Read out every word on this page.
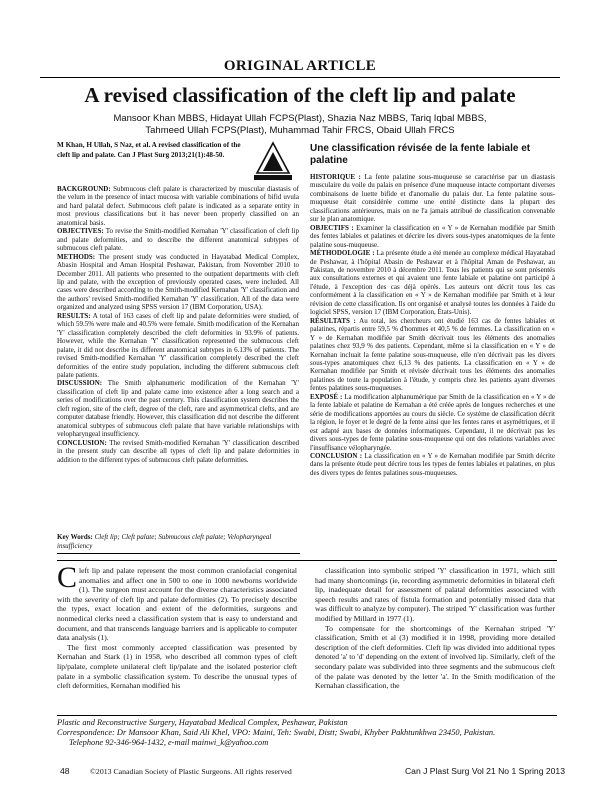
ORIGINAL ARTICLE
A revised classification of the cleft lip and palate
Mansoor Khan MBBS, Hidayat Ullah FCPS(Plast), Shazia Naz MBBS, Tariq Iqbal MBBS,
Tahmeed Ullah FCPS(Plast), Muhammad Tahir FRCS, Obaid Ullah FRCS
M Khan, H Ullah, S Naz, et al. A revised classification of the cleft lip and palate. Can J Plast Surg 2013;21(1):48-50.

BACKGROUND: Submucous cleft palate is characterized by muscular diastasis of the velum in the presence of intact mucosa with variable combinations of bifid uvula and hard palatal defect. Submucous cleft palate is indicated as a separate entity in most previous classifications but it has never been properly classified on an anatomical basis.

OBJECTIVES: To revise the Smith-modified Kernahan 'Y' classification of cleft lip and palate deformities, and to describe the different anatomical subtypes of submucous cleft palate.

METHODS: The present study was conducted in Hayatabad Medical Complex, Abasin Hospital and Aman Hospital Peshawar, Pakistan, from November 2010 to December 2011. All patients who presented to the outpatient departments with cleft lip and palate, with the exception of previously operated cases, were included. All cases were described according to the Smith-modified Kernahan 'Y' classification and the authors' revised Smith-modified Kernahan 'Y' classification. All of the data were organized and analyzed using SPSS version 17 (IBM Corporation, USA).

RESULTS: A total of 163 cases of cleft lip and palate deformities were studied, of which 59.5% were male and 40.5% were female. Smith modification of the Kernahan 'Y' classification completely described the cleft deformities in 93.9% of patients. However, while the Kernahan 'Y' classification represented the submucous cleft palate, it did not describe its different anatomical subtypes in 6.13% of patients. The revised Smith-modified Kernahan 'Y' classification completely described the cleft deformities of the entire study population, including the different submucous cleft palate patients.

DISCUSSION: The Smith alphanumeric modification of the Kernahan 'Y' classification of cleft lip and palate came into existence after a long search and a series of modifications over the past century. This classification system describes the cleft region, site of the cleft, degree of the cleft, rare and asymmetrical clefts, and are computer database friendly. However, this classification did not describe the different anatomical subtypes of submucous cleft palate that have variable relationships with velopharyngeal insufficiency.

CONCLUSION: The revised Smith-modified Kernahan 'Y' classification described in the present study can describe all types of cleft lip and palate deformities in addition to the different types of submucous cleft palate deformities.

Key Words: Cleft lip; Cleft palate; Submucous cleft palate; Velopharyngeal insufficiency
Une classification révisée de la fente labiale et palatine

HISTORIQUE : La fente palatine sous-muqueuse se caractérise par un diastasis musculaire du voile du palais en présence d'une muqueuse intacte comportant diverses combinaisons de luette bifide et d'anomalie du palais dur. La fente palatine sous-muqueuse était considérée comme une entité distincte dans la plupart des classifications antérieures, mais on ne l'a jamais attribué de classification convenable sur le plan anatomique.

OBJECTIFS : Examiner la classification en « Y » de Kernahan modifiée par Smith des fentes labiales et palatines et décrire les divers sous-types anatomiques de la fente palatine sous-muqueuse.

MÉTHODOLOGIE : La présente étude a été menée au complexe médical Hayatabad de Peshawar, à l'hôpital Abasin de Peshawar et à l'hôpital Aman de Peshawar, au Pakistan, de novembre 2010 à décembre 2011. Tous les patients qui se sont présentés aux consultations externes et qui avaient une fente labiale et palatine ont participé à l'étude, à l'exception des cas déjà opérés. Les auteurs ont décrit tous les cas conformément à la classification en « Y » de Kernahan modifiée par Smith et à leur révision de cette classification. Ils ont organisé et analysé toutes les données à l'aide du logiciel SPSS, version 17 (IBM Corporation, États-Unis).

RÉSULTATS : Au total, les chercheurs ont étudié 163 cas de fentes labiales et palatines, répartis entre 59,5 % d'hommes et 40,5 % de femmes. La classification en « Y » de Kernahan modifiée par Smith décrivait tous les éléments des anomalies palatines chez 93,9 % des patients. Cependant, même si la classification en « Y » de Kernahan incluait la fente palatine sous-muqueuse, elle n'en décrivait pas les divers sous-types anatomiques chez 6,13 % des patients. La classification en « Y » de Kernahan modifiée par Smith et révisée décrivait tous les éléments des anomalies palatines de toute la population à l'étude, y compris chez les patients ayant diverses fentes palatines sous-muqueuses.

EXPOSÉ : La modification alphanumérique par Smith de la classification en « Y » de la fente labiale et palatine de Kernahan a été créée après de longues recherches et une série de modifications apportées au cours du siècle. Ce système de classification décrit la région, le foyer et le degré de la fente ainsi que les fentes rares et asymétriques, et il est adapté aux bases de données informatiques. Cependant, il ne décrivait pas les divers sous-types de fente palatine sous-muqueuse qui ont des relations variables avec l'insuffisance vélopharyngée.

CONCLUSION : La classification en « Y » de Kernahan modifiée par Smith décrite dans la présente étude peut décrire tous les types de fentes labiales et palatines, en plus des divers types de fentes palatines sous-muqueuses.

Cleft lip and palate represent the most common craniofacial congenital anomalies and affect one in 500 to one in 1000 newborns worldwide (1). The surgeon must account for the diverse characteristics associated with the severity of cleft lip and palate deformities (2). To precisely describe the types, exact location and extent of the deformities, surgeons and nonmedical clerks need a classification system that is easy to understand and document, and that transcends language barriers and is applicable to computer data analysis (1).

The first most commonly accepted classification was presented by Kernahan and Stark (1) in 1958, who described all common types of cleft lip/palate, complete unilateral cleft lip/palate and the isolated posterior cleft palate in a symbolic classification system. To describe the unusual types of cleft deformities, Kernahan modified his

classification into symbolic striped 'Y' classification in 1971, which still had many shortcomings (ie, recording asymmetric deformities in bilateral cleft lip, inadequate detail for assessment of palatal deformities associated with speech results and rates of fistula formation and potentially missed data that was difficult to analyze by computer). The striped 'Y' classification was further modified by Millard in 1977 (1).

To compensate for the shortcomings of the Kernahan striped 'Y' classification, Smith et al (3) modified it in 1998, providing more detailed description of the cleft deformities. Cleft lip was divided into additional types denoted 'a' to 'd' depending on the extent of involved lip. Similarly, cleft of the secondary palate was subdivided into three segments and the submucous cleft of the palate was denoted by the letter 'a'. In the Smith modification of the Kernahan classification, the

Plastic and Reconstructive Surgery, Hayatabad Medical Complex, Peshawar, Pakistan
Correspondence: Dr Mansoor Khan, Said Ali Khel, VPO: Maini, Teh: Swabi, Distt; Swabi, Khyber Pakhtunkhwa 23450, Pakistan.
Telephone 92-346-964-1432, e-mail mainwi_k@yahoo.com
48	©2013 Canadian Society of Plastic Surgeons. All rights reserved	Can J Plast Surg Vol 21 No 1 Spring 2013
